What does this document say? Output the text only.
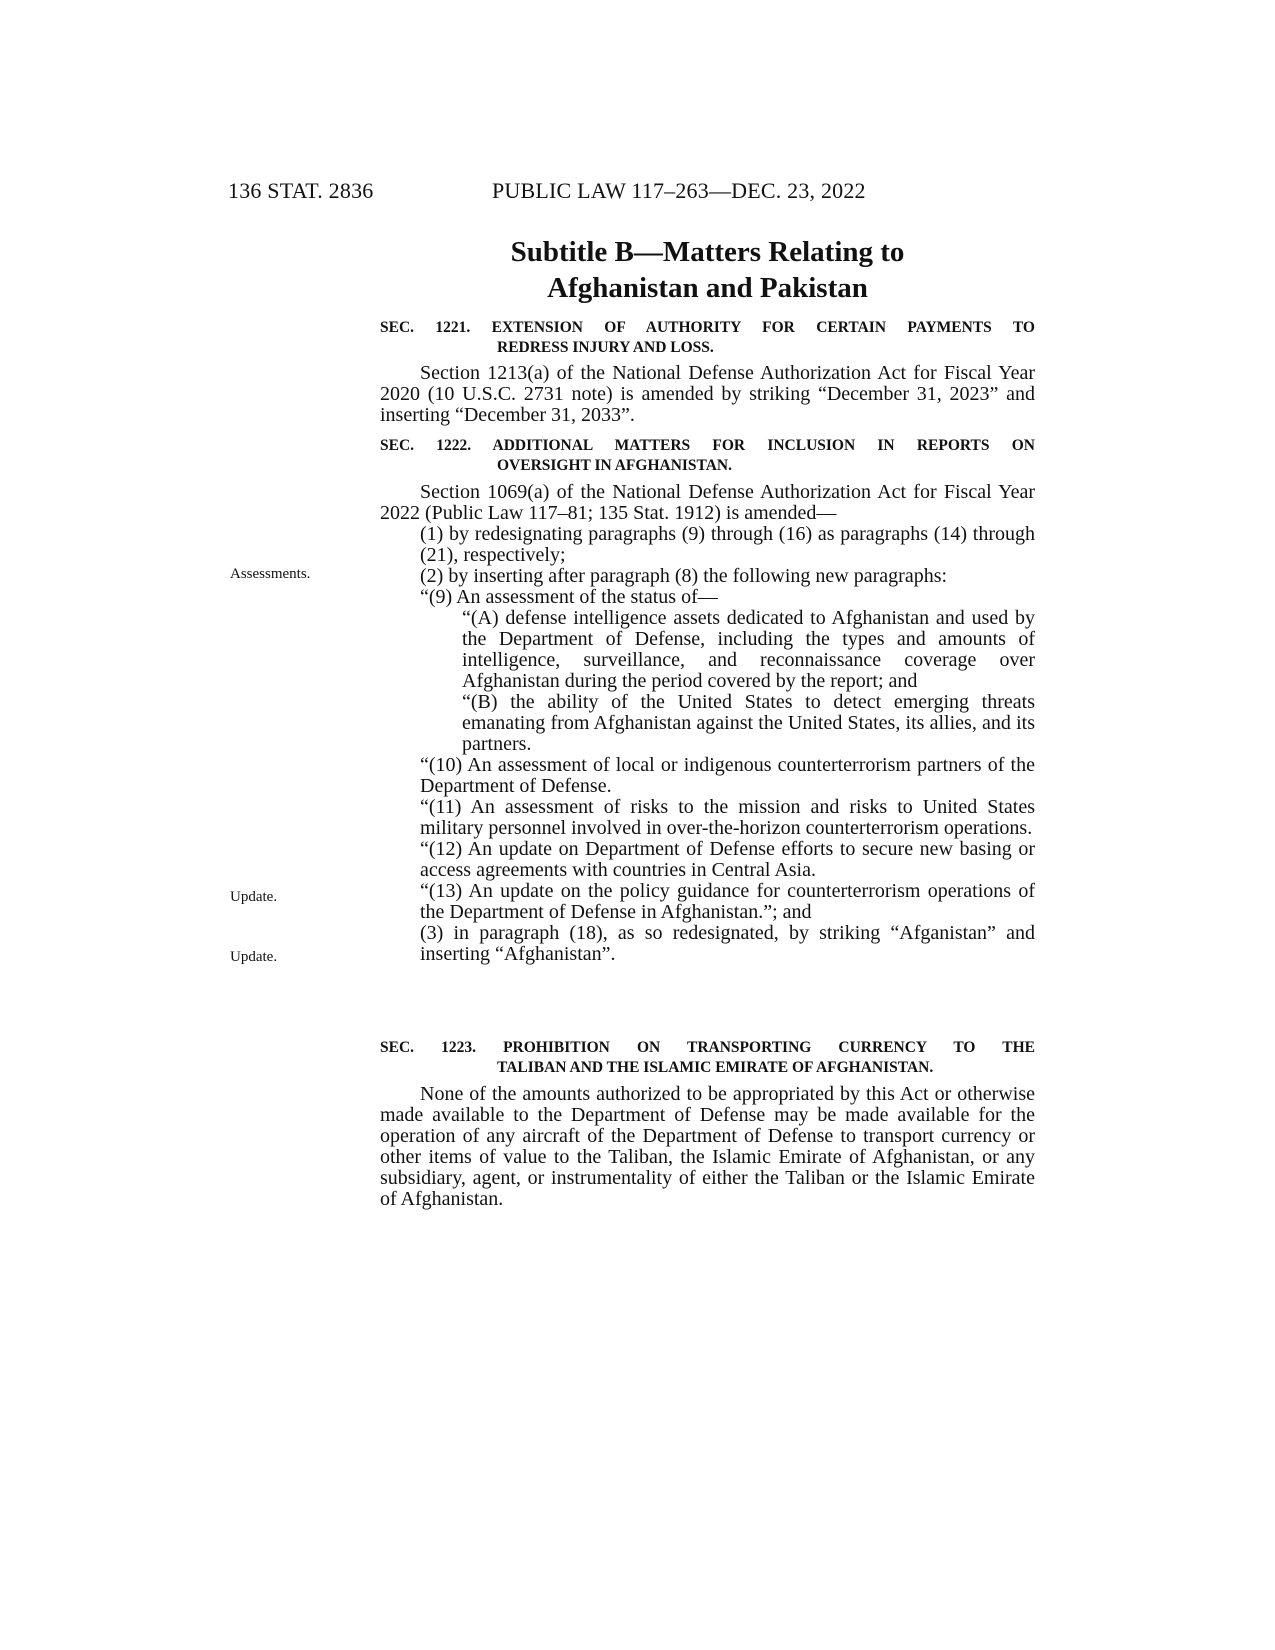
136 STAT. 2836	PUBLIC LAW 117–263—DEC. 23, 2022
Subtitle B—Matters Relating to
Afghanistan and Pakistan
SEC. 1221. EXTENSION OF AUTHORITY FOR CERTAIN PAYMENTS TO
REDRESS INJURY AND LOSS.

Section 1213(a) of the National Defense Authorization Act for Fiscal Year 2020 (10 U.S.C. 2731 note) is amended by striking “December 31, 2023” and inserting “December 31, 2033”.

SEC. 1222. ADDITIONAL MATTERS FOR INCLUSION IN REPORTS ON
OVERSIGHT IN AFGHANISTAN.

Section 1069(a) of the National Defense Authorization Act for Fiscal Year 2022 (Public Law 117–81; 135 Stat. 1912) is amended—

(1) by redesignating paragraphs (9) through (16) as paragraphs (14) through (21), respectively;

(2) by inserting after paragraph (8) the following new paragraphs:

“(9) An assessment of the status of—

“(A) defense intelligence assets dedicated to Afghanistan and used by the Department of Defense, including the types and amounts of intelligence, surveillance, and reconnaissance coverage over Afghanistan during the period covered by the report; and

“(B) the ability of the United States to detect emerging threats emanating from Afghanistan against the United States, its allies, and its partners.

“(10) An assessment of local or indigenous counterterrorism partners of the Department of Defense.

“(11) An assessment of risks to the mission and risks to United States military personnel involved in over-the-horizon counterterrorism operations.

“(12) An update on Department of Defense efforts to secure new basing or access agreements with countries in Central Asia.

“(13) An update on the policy guidance for counterterrorism operations of the Department of Defense in Afghanistan.”; and

(3) in paragraph (18), as so redesignated, by striking “Afganistan” and inserting “Afghanistan”.

SEC. 1223. PROHIBITION ON TRANSPORTING CURRENCY TO THE
TALIBAN AND THE ISLAMIC EMIRATE OF AFGHANISTAN.

None of the amounts authorized to be appropriated by this Act or otherwise made available to the Department of Defense may be made available for the operation of any aircraft of the Department of Defense to transport currency or other items of value to the Taliban, the Islamic Emirate of Afghanistan, or any subsidiary, agent, or instrumentality of either the Taliban or the Islamic Emirate of Afghanistan.

Assessments.
Update.
Update.
